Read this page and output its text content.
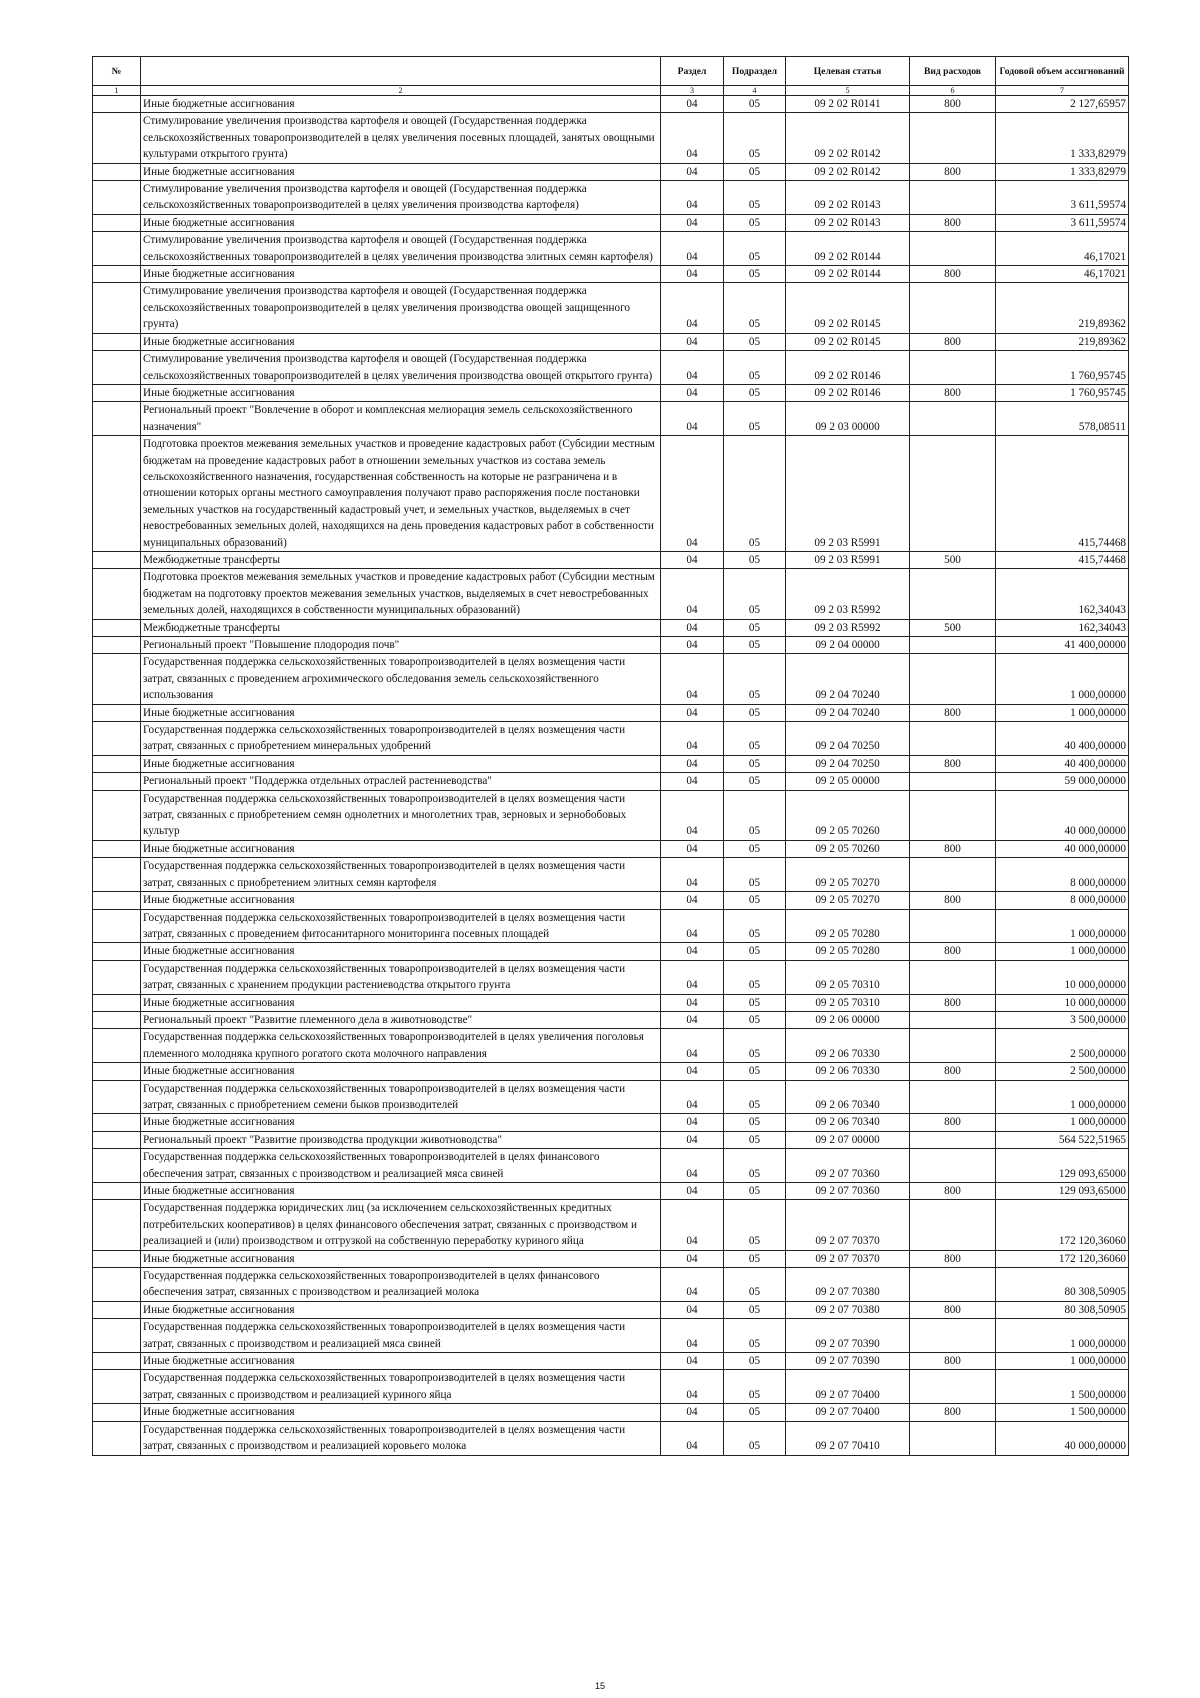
№		Раздел	Подраздел	Целевая статья	Вид расходов	Годовой объем ассигнований
1	2	3	4	5	6	7
	Иные бюджетные ассигнования	04	05	09 2 02 R0141	800	2 127,65957
	Стимулирование увеличения производства картофеля и овощей (Государственная поддержка сельскохозяйственных товаропроизводителей в целях увеличения посевных площадей, занятых овощными культурами открытого грунта)	04	05	09 2 02 R0142		1 333,82979
	Иные бюджетные ассигнования	04	05	09 2 02 R0142	800	1 333,82979
	Стимулирование увеличения производства картофеля и овощей (Государственная поддержка сельскохозяйственных товаропроизводителей в целях увеличения производства картофеля)	04	05	09 2 02 R0143		3 611,59574
	Иные бюджетные ассигнования	04	05	09 2 02 R0143	800	3 611,59574
	Стимулирование увеличения производства картофеля и овощей (Государственная поддержка сельскохозяйственных товаропроизводителей в целях увеличения производства элитных семян картофеля)	04	05	09 2 02 R0144		46,17021
	Иные бюджетные ассигнования	04	05	09 2 02 R0144	800	46,17021
	Стимулирование увеличения производства картофеля и овощей (Государственная поддержка сельскохозяйственных товаропроизводителей в целях увеличения производства овощей защищенного грунта)	04	05	09 2 02 R0145		219,89362
	Иные бюджетные ассигнования	04	05	09 2 02 R0145	800	219,89362
	Стимулирование увеличения производства картофеля и овощей (Государственная поддержка сельскохозяйственных товаропроизводителей в целях увеличения производства овощей открытого грунта)	04	05	09 2 02 R0146		1 760,95745
	Иные бюджетные ассигнования	04	05	09 2 02 R0146	800	1 760,95745
	Региональный проект "Вовлечение в оборот и комплексная мелиорация земель сельскохозяйственного назначения"	04	05	09 2 03 00000		578,08511
	Подготовка проектов межевания земельных участков и проведение кадастровых работ (Субсидии местным бюджетам на проведение кадастровых работ в отношении земельных участков из состава земель сельскохозяйственного назначения, государственная собственность на которые не разграничена и в отношении которых органы местного самоуправления получают право распоряжения после постановки земельных участков на государственный кадастровый учет, и земельных участков, выделяемых в счет невостребованных земельных долей, находящихся на день проведения кадастровых работ в собственности муниципальных образований)	04	05	09 2 03 R5991		415,74468
	Межбюджетные трансферты	04	05	09 2 03 R5991	500	415,74468
	Подготовка проектов межевания земельных участков и проведение кадастровых работ (Субсидии местным бюджетам на подготовку проектов межевания земельных участков, выделяемых в счет невостребованных земельных долей, находящихся в собственности муниципальных образований)	04	05	09 2 03 R5992		162,34043
	Межбюджетные трансферты	04	05	09 2 03 R5992	500	162,34043
	Региональный проект "Повышение плодородия почв"	04	05	09 2 04 00000		41 400,00000
	Государственная поддержка сельскохозяйственных товаропроизводителей в целях возмещения части затрат, связанных с проведением агрохимического обследования земель сельскохозяйственного использования	04	05	09 2 04 70240		1 000,00000
	Иные бюджетные ассигнования	04	05	09 2 04 70240	800	1 000,00000
	Государственная поддержка сельскохозяйственных товаропроизводителей в целях возмещения части затрат, связанных с приобретением минеральных удобрений	04	05	09 2 04 70250		40 400,00000
	Иные бюджетные ассигнования	04	05	09 2 04 70250	800	40 400,00000
	Региональный проект "Поддержка отдельных отраслей растениеводства"	04	05	09 2 05 00000		59 000,00000
	Государственная поддержка сельскохозяйственных товаропроизводителей в целях возмещения части затрат, связанных с приобретением семян однолетних и многолетних трав, зерновых и зернобобовых культур	04	05	09 2 05 70260		40 000,00000
	Иные бюджетные ассигнования	04	05	09 2 05 70260	800	40 000,00000
	Государственная поддержка сельскохозяйственных товаропроизводителей в целях возмещения части затрат, связанных с приобретением элитных семян картофеля	04	05	09 2 05 70270		8 000,00000
	Иные бюджетные ассигнования	04	05	09 2 05 70270	800	8 000,00000
	Государственная поддержка сельскохозяйственных товаропроизводителей в целях возмещения части затрат, связанных с проведением фитосанитарного мониторинга посевных площадей	04	05	09 2 05 70280		1 000,00000
	Иные бюджетные ассигнования	04	05	09 2 05 70280	800	1 000,00000
	Государственная поддержка сельскохозяйственных товаропроизводителей в целях возмещения части затрат, связанных с хранением продукции растениеводства открытого грунта	04	05	09 2 05 70310		10 000,00000
	Иные бюджетные ассигнования	04	05	09 2 05 70310	800	10 000,00000
	Региональный проект "Развитие племенного дела в животноводстве"	04	05	09 2 06 00000		3 500,00000
	Государственная поддержка сельскохозяйственных товаропроизводителей в целях увеличения поголовья племенного молодняка крупного рогатого скота молочного направления	04	05	09 2 06 70330		2 500,00000
	Иные бюджетные ассигнования	04	05	09 2 06 70330	800	2 500,00000
	Государственная поддержка сельскохозяйственных товаропроизводителей в целях возмещения части затрат, связанных с приобретением семени быков производителей	04	05	09 2 06 70340		1 000,00000
	Иные бюджетные ассигнования	04	05	09 2 06 70340	800	1 000,00000
	Региональный проект "Развитие производства продукции животноводства"	04	05	09 2 07 00000		564 522,51965
	Государственная поддержка сельскохозяйственных товаропроизводителей в целях финансового обеспечения затрат, связанных с производством и реализацией мяса свиней	04	05	09 2 07 70360		129 093,65000
	Иные бюджетные ассигнования	04	05	09 2 07 70360	800	129 093,65000
	Государственная поддержка юридических лиц (за исключением сельскохозяйственных кредитных потребительских кооперативов) в целях финансового обеспечения затрат, связанных с производством и реализацией и (или) производством и отгрузкой на собственную переработку куриного яйца	04	05	09 2 07 70370		172 120,36060
	Иные бюджетные ассигнования	04	05	09 2 07 70370	800	172 120,36060
	Государственная поддержка сельскохозяйственных товаропроизводителей в целях финансового обеспечения затрат, связанных с производством и реализацией молока	04	05	09 2 07 70380		80 308,50905
	Иные бюджетные ассигнования	04	05	09 2 07 70380	800	80 308,50905
	Государственная поддержка сельскохозяйственных товаропроизводителей в целях возмещения части затрат, связанных с производством и реализацией мяса свиней	04	05	09 2 07 70390		1 000,00000
	Иные бюджетные ассигнования	04	05	09 2 07 70390	800	1 000,00000
	Государственная поддержка сельскохозяйственных товаропроизводителей в целях возмещения части затрат, связанных с производством и реализацией куриного яйца	04	05	09 2 07 70400		1 500,00000
	Иные бюджетные ассигнования	04	05	09 2 07 70400	800	1 500,00000
	Государственная поддержка сельскохозяйственных товаропроизводителей в целях возмещения части затрат, связанных с производством и реализацией коровьего молока	04	05	09 2 07 70410		40 000,00000
15
